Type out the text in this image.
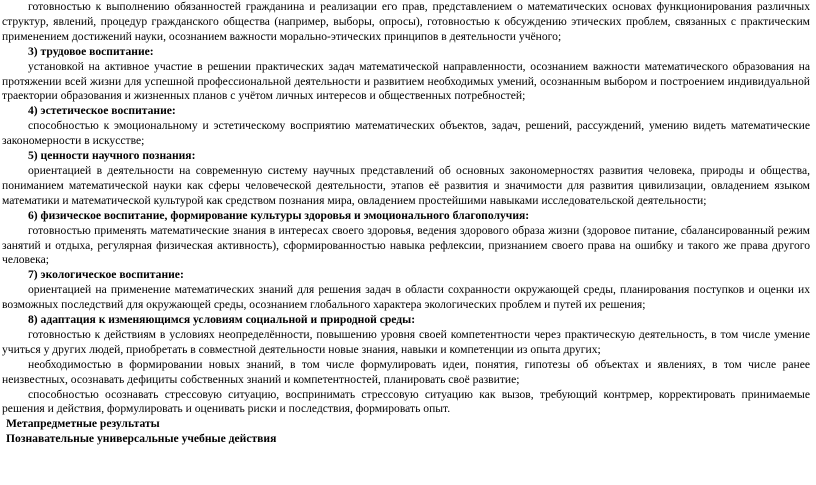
готовностью к выполнению обязанностей гражданина и реализации его прав, представлением о математических основах функционирования различных структур, явлений, процедур гражданского общества (например, выборы, опросы), готовностью к обсуждению этических проблем, связанных с практическим применением достижений науки, осознанием важности морально-этических принципов в деятельности учёного;

3) трудовое воспитание:

установкой на активное участие в решении практических задач математической направленности, осознанием важности математического образования на протяжении всей жизни для успешной профессиональной деятельности и развитием необходимых умений, осознанным выбором и построением индивидуальной траектории образования и жизненных планов с учётом личных интересов и общественных потребностей;

4) эстетическое воспитание:

способностью к эмоциональному и эстетическому восприятию математических объектов, задач, решений, рассуждений, умению видеть математические закономерности в искусстве;

5) ценности научного познания:

ориентацией в деятельности на современную систему научных представлений об основных закономерностях развития человека, природы и общества, пониманием математической науки как сферы человеческой деятельности, этапов её развития и значимости для развития цивилизации, овладением языком математики и математической культурой как средством познания мира, овладением простейшими навыками исследовательской деятельности;

6) физическое воспитание, формирование культуры здоровья и эмоционального благополучия:

готовностью применять математические знания в интересах своего здоровья, ведения здорового образа жизни (здоровое питание, сбалансированный режим занятий и отдыха, регулярная физическая активность), сформированностью навыка рефлексии, признанием своего права на ошибку и такого же права другого человека;

7) экологическое воспитание:

ориентацией на применение математических знаний для решения задач в области сохранности окружающей среды, планирования поступков и оценки их возможных последствий для окружающей среды, осознанием глобального характера экологических проблем и путей их решения;

8) адаптация к изменяющимся условиям социальной и природной среды:

готовностью к действиям в условиях неопределённости, повышению уровня своей компетентности через практическую деятельность, в том числе умение учиться у других людей, приобретать в совместной деятельности новые знания, навыки и компетенции из опыта других;

необходимостью в формировании новых знаний, в том числе формулировать идеи, понятия, гипотезы об объектах и явлениях, в том числе ранее неизвестных, осознавать дефициты собственных знаний и компетентностей, планировать своё развитие;

способностью осознавать стрессовую ситуацию, воспринимать стрессовую ситуацию как вызов, требующий контрмер, корректировать принимаемые решения и действия, формулировать и оценивать риски и последствия, формировать опыт.

Метапредметные результаты

Познавательные универсальные учебные действия
